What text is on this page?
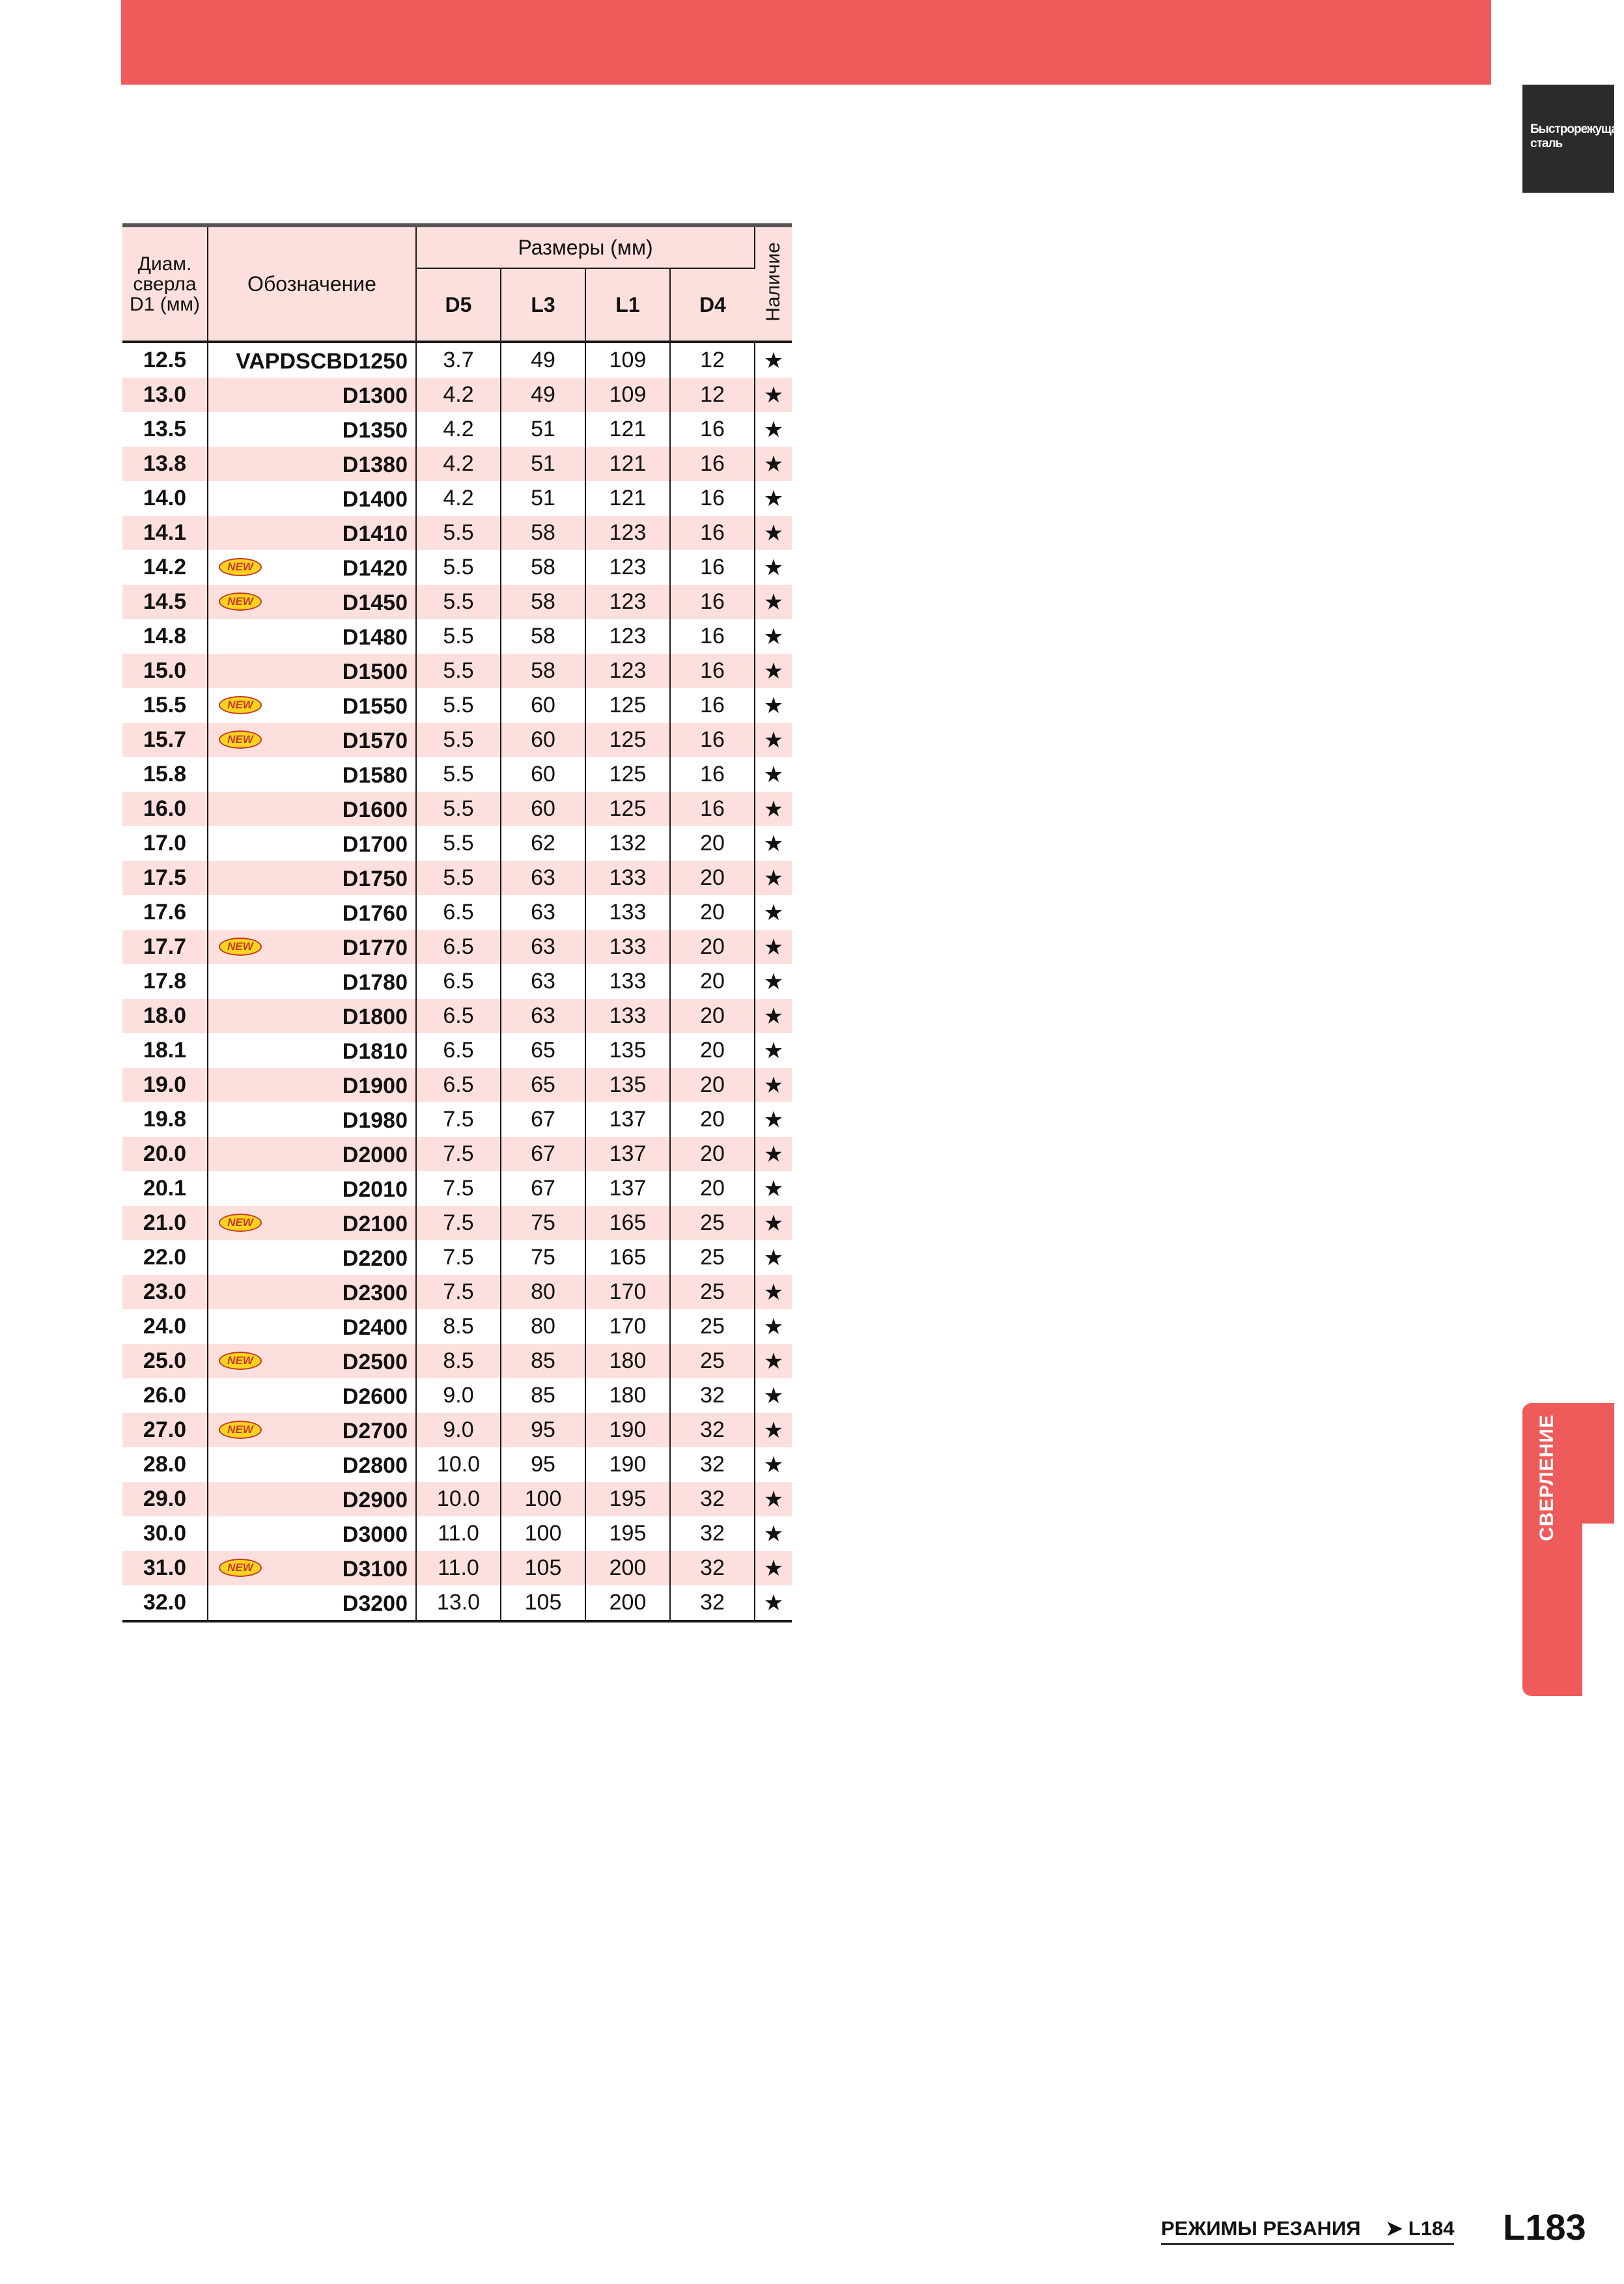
Быстрорежущая сталь
СВЕРЛЕНИЕ
Диам. сверла D1 (мм)	Обозначение	Размеры (мм)				Наличие
		D5	L3	L1	D4	
12.5	VAPDSCBD1250	3.7	49	109	12	★
13.0	D1300	4.2	49	109	12	★
13.5	D1350	4.2	51	121	16	★
13.8	D1380	4.2	51	121	16	★
14.0	D1400	4.2	51	121	16	★
14.1	D1410	5.5	58	123	16	★
14.2	NEW D1420	5.5	58	123	16	★
14.5	NEW D1450	5.5	58	123	16	★
14.8	D1480	5.5	58	123	16	★
15.0	D1500	5.5	58	123	16	★
15.5	NEW D1550	5.5	60	125	16	★
15.7	NEW D1570	5.5	60	125	16	★
15.8	D1580	5.5	60	125	16	★
16.0	D1600	5.5	60	125	16	★
17.0	D1700	5.5	62	132	20	★
17.5	D1750	5.5	63	133	20	★
17.6	D1760	6.5	63	133	20	★
17.7	NEW D1770	6.5	63	133	20	★
17.8	D1780	6.5	63	133	20	★
18.0	D1800	6.5	63	133	20	★
18.1	D1810	6.5	65	135	20	★
19.0	D1900	6.5	65	135	20	★
19.8	D1980	7.5	67	137	20	★
20.0	D2000	7.5	67	137	20	★
20.1	D2010	7.5	67	137	20	★
21.0	NEW D2100	7.5	75	165	25	★
22.0	D2200	7.5	75	165	25	★
23.0	D2300	7.5	80	170	25	★
24.0	D2400	8.5	80	170	25	★
25.0	NEW D2500	8.5	85	180	25	★
26.0	D2600	9.0	85	180	32	★
27.0	NEW D2700	9.0	95	190	32	★
28.0	D2800	10.0	95	190	32	★
29.0	D2900	10.0	100	195	32	★
30.0	D3000	11.0	100	195	32	★
31.0	NEW D3100	11.0	105	200	32	★
32.0	D3200	13.0	105	200	32	★
РЕЖИМЫ РЕЗАНИЯ ➤ L184 L183
